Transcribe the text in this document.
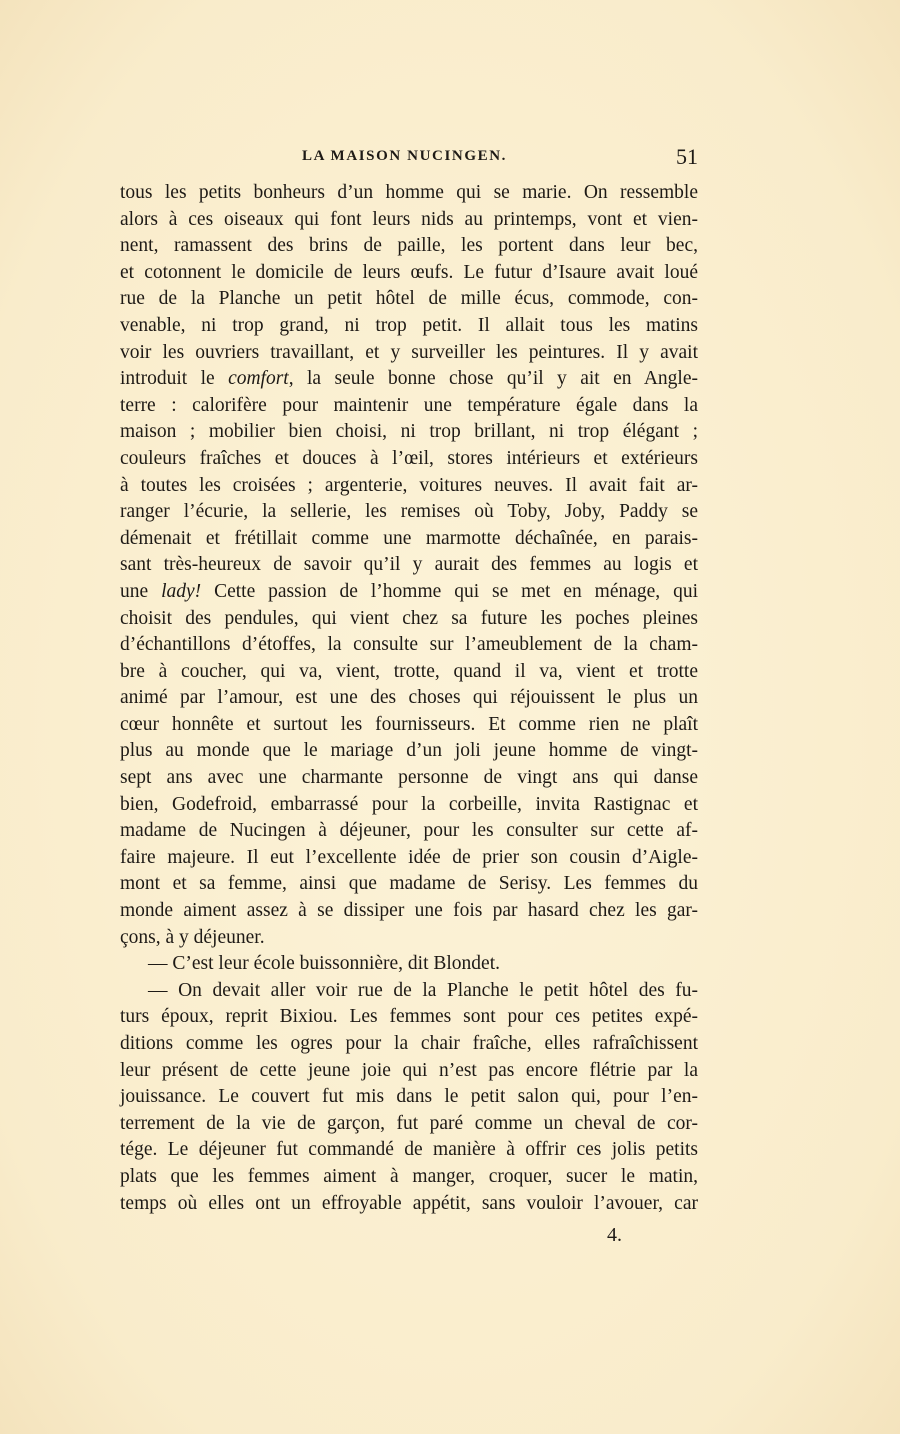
LA MAISON NUCINGEN.	51
tous les petits bonheurs d’un homme qui se marie. On ressemble
alors à ces oiseaux qui font leurs nids au printemps, vont et vien-
nent, ramassent des brins de paille, les portent dans leur bec,
et cotonnent le domicile de leurs œufs. Le futur d’Isaure avait loué
rue de la Planche un petit hôtel de mille écus, commode, con-
venable, ni trop grand, ni trop petit. Il allait tous les matins
voir les ouvriers travaillant, et y surveiller les peintures. Il y avait
introduit le comfort, la seule bonne chose qu’il y ait en Angle-
terre : calorifère pour maintenir une température égale dans la
maison ; mobilier bien choisi, ni trop brillant, ni trop élégant ;
couleurs fraîches et douces à l’œil, stores intérieurs et extérieurs
à toutes les croisées ; argenterie, voitures neuves. Il avait fait ar-
ranger l’écurie, la sellerie, les remises où Toby, Joby, Paddy se
démenait et frétillait comme une marmotte déchaînée, en parais-
sant très-heureux de savoir qu’il y aurait des femmes au logis et
une lady! Cette passion de l’homme qui se met en ménage, qui
choisit des pendules, qui vient chez sa future les poches pleines
d’échantillons d’étoffes, la consulte sur l’ameublement de la cham-
bre à coucher, qui va, vient, trotte, quand il va, vient et trotte
animé par l’amour, est une des choses qui réjouissent le plus un
cœur honnête et surtout les fournisseurs. Et comme rien ne plaît
plus au monde que le mariage d’un joli jeune homme de vingt-
sept ans avec une charmante personne de vingt ans qui danse
bien, Godefroid, embarrassé pour la corbeille, invita Rastignac et
madame de Nucingen à déjeuner, pour les consulter sur cette af-
faire majeure. Il eut l’excellente idée de prier son cousin d’Aigle-
mont et sa femme, ainsi que madame de Serisy. Les femmes du
monde aiment assez à se dissiper une fois par hasard chez les gar-
çons, à y déjeuner.
— C’est leur école buissonnière, dit Blondet.
— On devait aller voir rue de la Planche le petit hôtel des fu-
turs époux, reprit Bixiou. Les femmes sont pour ces petites expé-
ditions comme les ogres pour la chair fraîche, elles rafraîchissent
leur présent de cette jeune joie qui n’est pas encore flétrie par la
jouissance. Le couvert fut mis dans le petit salon qui, pour l’en-
terrement de la vie de garçon, fut paré comme un cheval de cor-
tége. Le déjeuner fut commandé de manière à offrir ces jolis petits
plats que les femmes aiment à manger, croquer, sucer le matin,
temps où elles ont un effroyable appétit, sans vouloir l’avouer, car
4.
